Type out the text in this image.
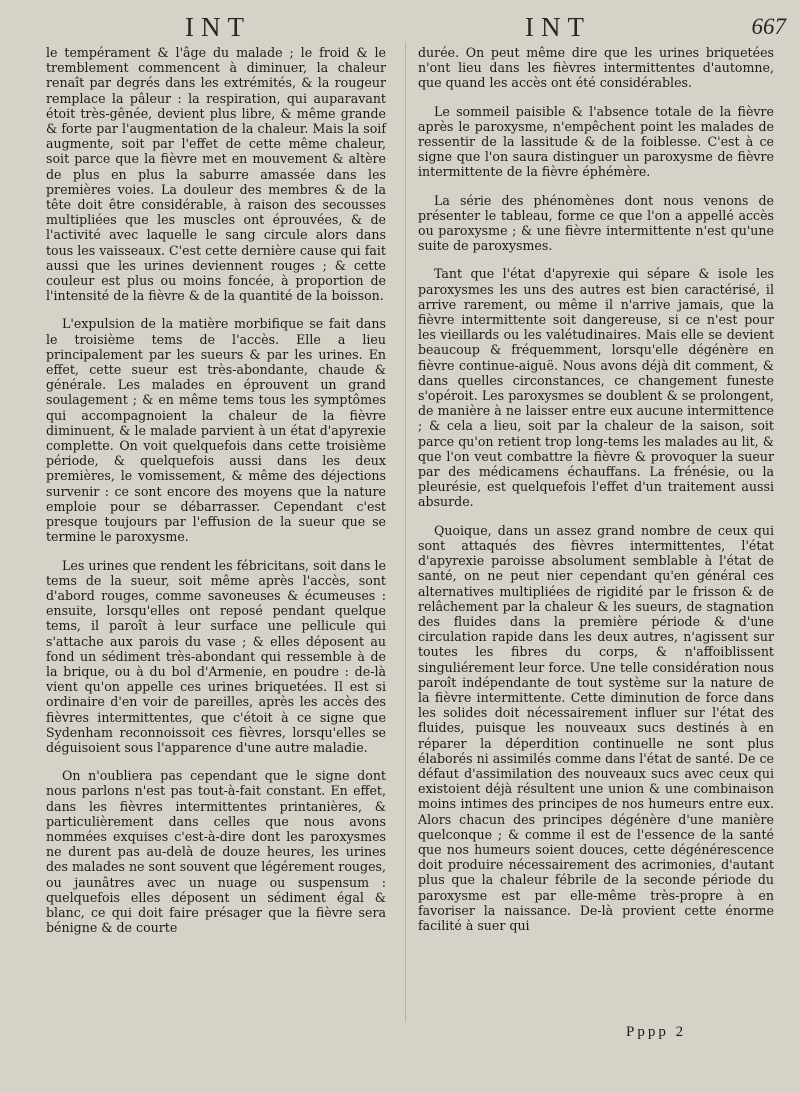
INT	INT	667

le tempérament & l'âge du malade ; le froid & le tremblement commencent à diminuer, la chaleur renaît par degrés dans les extrémités, & la rougeur remplace la pâleur : la respiration, qui auparavant étoit très-gênée, devient plus libre, & même grande & forte par l'augmentation de la chaleur. Mais la soif augmente, soit par l'effet de cette même chaleur, soit parce que la fièvre met en mouvement & altère de plus en plus la saburre amassée dans les premières voies. La douleur des membres & de la tête doit être considérable, à raison des secousses multipliées que les muscles ont éprouvées, & de l'activité avec laquelle le sang circule alors dans tous les vaisseaux. C'est cette dernière cause qui fait aussi que les urines deviennent rouges ; & cette couleur est plus ou moins foncée, à proportion de l'intensité de la fièvre & de la quantité de la boisson.

L'expulsion de la matière morbifique se fait dans le troisième tems de l'accès. Elle a lieu principalement par les sueurs & par les urines. En effet, cette sueur est très-abondante, chaude & générale. Les malades en éprouvent un grand soulagement ; & en même tems tous les symptômes qui accompagnoient la chaleur de la fièvre diminuent, & le malade parvient à un état d'apyrexie complette. On voit quelquefois dans cette troisième période, & quelquefois aussi dans les deux premières, le vomissement, & même des déjections survenir : ce sont encore des moyens que la nature emploie pour se débarrasser. Cependant c'est presque toujours par l'effusion de la sueur que se termine le paroxysme.

Les urines que rendent les fébricitans, soit dans le tems de la sueur, soit même après l'accès, sont d'abord rouges, comme savoneuses & écumeuses : ensuite, lorsqu'elles ont reposé pendant quelque tems, il paroît à leur surface une pellicule qui s'attache aux parois du vase ; & elles déposent au fond un sédiment très-abondant qui ressemble à de la brique, ou à du bol d'Armenie, en poudre : de-là vient qu'on appelle ces urines briquetées. Il est si ordinaire d'en voir de pareilles, après les accès des fièvres intermittentes, que c'étoit à ce signe que Sydenham reconnoissoit ces fièvres, lorsqu'elles se déguisoient sous l'apparence d'une autre maladie.

On n'oubliera pas cependant que le signe dont nous parlons n'est pas tout-à-fait constant. En effet, dans les fièvres intermittentes printanières, & particulièrement dans celles que nous avons nommées exquises c'est-à-dire dont les paroxysmes ne durent pas au-delà de douze heures, les urines des malades ne sont souvent que légérement rouges, ou jaunâtres avec un nuage ou suspensum : quelquefois elles déposent un sédiment égal & blanc, ce qui doit faire présager que la fièvre sera bénigne & de courte

durée. On peut même dire que les urines briquetées n'ont lieu dans les fièvres intermittentes d'automne, que quand les accès ont été considérables.

Le sommeil paisible & l'absence totale de la fièvre après le paroxysme, n'empêchent point les malades de ressentir de la lassitude & de la foiblesse. C'est à ce signe que l'on saura distinguer un paroxysme de fièvre intermittente de la fièvre éphémère.

La série des phénomènes dont nous venons de présenter le tableau, forme ce que l'on a appellé accès ou paroxysme ; & une fièvre intermittente n'est qu'une suite de paroxysmes.

Tant que l'état d'apyrexie qui sépare & isole les paroxysmes les uns des autres est bien caractérisé, il arrive rarement, ou même il n'arrive jamais, que la fièvre intermittente soit dangereuse, si ce n'est pour les vieillards ou les valétudinaires. Mais elle se devient beaucoup & fréquemment, lorsqu'elle dégénère en fièvre continue-aiguë. Nous avons déjà dit comment, & dans quelles circonstances, ce changement funeste s'opéroit. Les paroxysmes se doublent & se prolongent, de manière à ne laisser entre eux aucune intermittence ; & cela a lieu, soit par la chaleur de la saison, soit parce qu'on retient trop long-tems les malades au lit, & que l'on veut combattre la fièvre & provoquer la sueur par des médicamens échauffans. La frénésie, ou la pleurésie, est quelquefois l'effet d'un traitement aussi absurde.

Quoique, dans un assez grand nombre de ceux qui sont attaqués des fièvres intermittentes, l'état d'apyrexie paroisse absolument semblable à l'état de santé, on ne peut nier cependant qu'en général ces alternatives multipliées de rigidité par le frisson & de relâchement par la chaleur & les sueurs, de stagnation des fluides dans la première période & d'une circulation rapide dans les deux autres, n'agissent sur toutes les fibres du corps, & n'affoiblissent singuliérement leur force. Une telle considération nous paroît indépendante de tout système sur la nature de la fièvre intermittente. Cette diminution de force dans les solides doit nécessairement influer sur l'état des fluides, puisque les nouveaux sucs destinés à en réparer la déperdition continuelle ne sont plus élaborés ni assimilés comme dans l'état de santé. De ce défaut d'assimilation des nouveaux sucs avec ceux qui existoient déjà résultent une union & une combinaison moins intimes des principes de nos humeurs entre eux. Alors chacun des principes dégénère d'une manière quelconque ; & comme il est de l'essence de la santé que nos humeurs soient douces, cette dégénérescence doit produire nécessairement des acrimonies, d'autant plus que la chaleur fébrile de la seconde période du paroxysme est par elle-même très-propre à en favoriser la naissance. De-là provient cette énorme facilité à suer qui

Pppp 2
